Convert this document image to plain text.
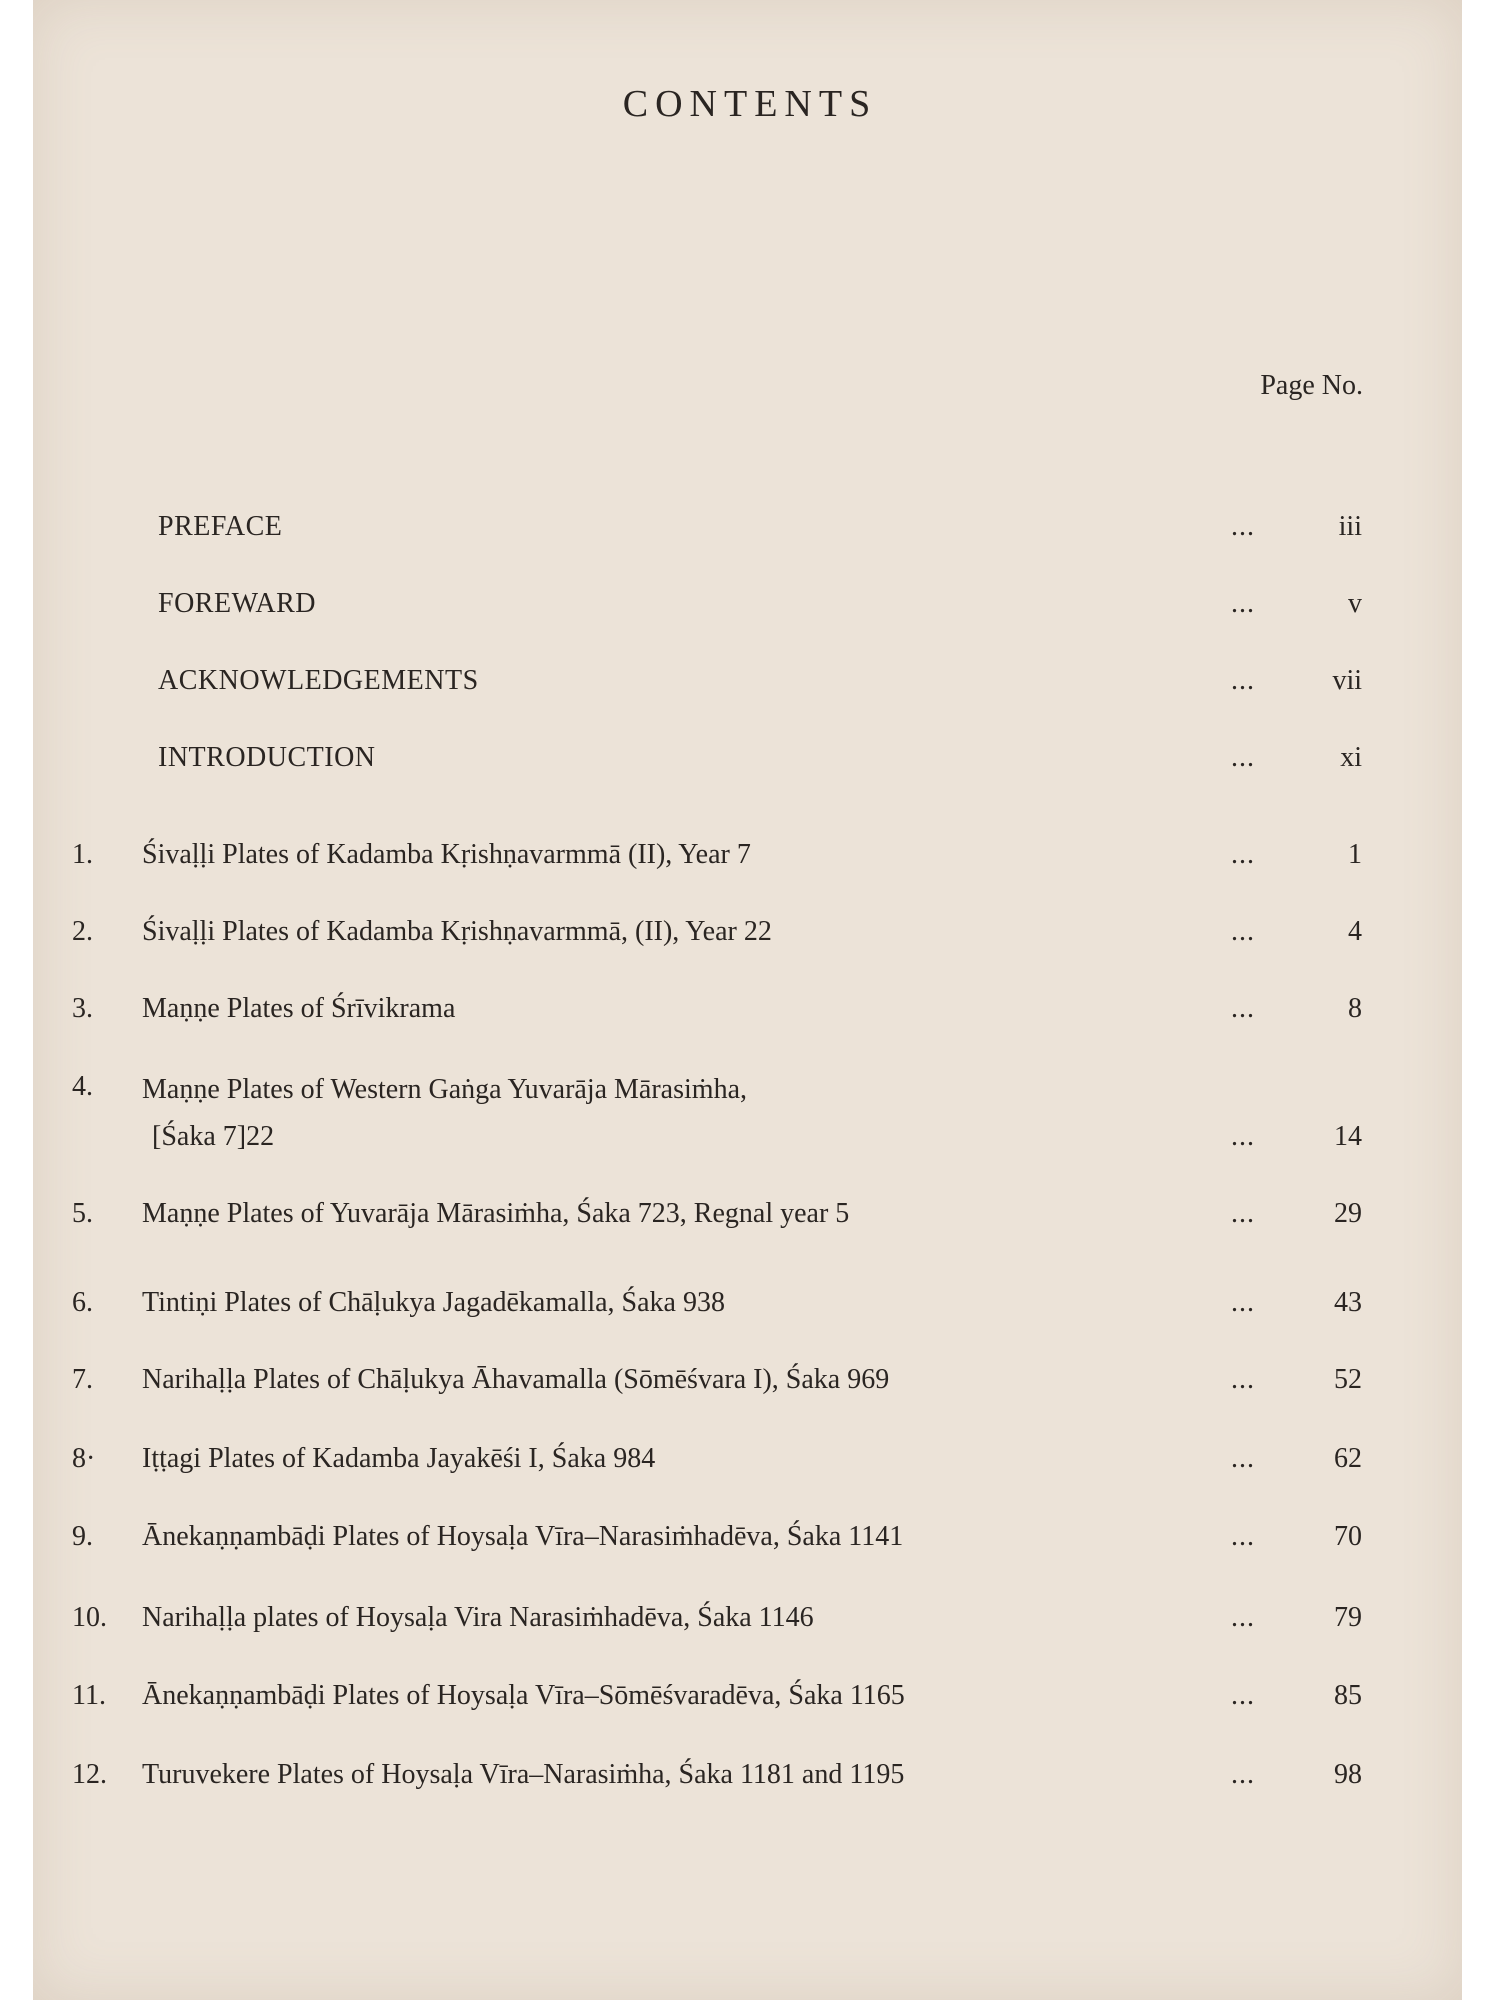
CONTENTS

Page No.

PREFACE	...	iii
FOREWARD	...	v
ACKNOWLEDGEMENTS	...	vii
INTRODUCTION	...	xi
1.	Śivaḷḷi Plates of Kadamba Kṛishṇavarmmā (II), Year 7	...	1
2.	Śivaḷḷi Plates of Kadamba Kṛishṇavarmmā, (II), Year 22	...	4
3.	Maṇṇe Plates of Śrīvikrama	...	8
4.	Maṇṇe Plates of Western Gaṅga Yuvarāja Mārasiṁha,
[Śaka 7]22	...	14
5.	Maṇṇe Plates of Yuvarāja Mārasiṁha, Śaka 723, Regnal year 5	...	29
6.	Tintiṇi Plates of Chāḷukya Jagadēkamalla, Śaka 938	...	43
7.	Narihaḷḷa Plates of Chāḷukya Āhavamalla (Sōmēśvara I), Śaka 969	...	52
8·	Iṭṭagi Plates of Kadamba Jayakēśi I, Śaka 984	...	62
9.	Ānekaṇṇambāḍi Plates of Hoysaḷa Vīra–Narasiṁhadēva, Śaka 1141	...	70
10.	Narihaḷḷa plates of Hoysaḷa Vira Narasiṁhadēva, Śaka 1146	...	79
11.	Ānekaṇṇambāḍi Plates of Hoysaḷa Vīra–Sōmēśvaradēva, Śaka 1165	...	85
12.	Turuvekere Plates of Hoysaḷa Vīra–Narasiṁha, Śaka 1181 and 1195	...	98
